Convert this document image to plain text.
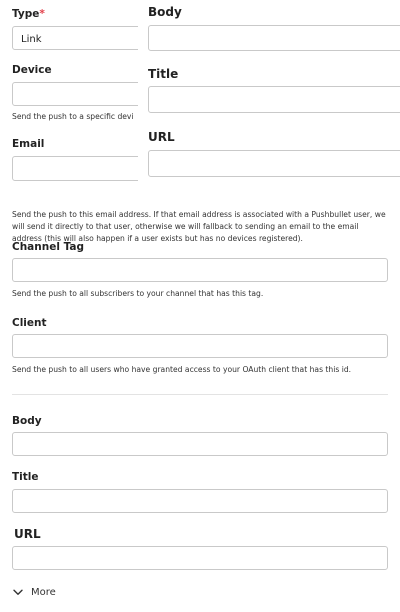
Type*
Link
Device
Send the push to a specific devi
Email
Send the push to this email address. If that email address is associated with a Pushbullet user, we
will send it directly to that user, otherwise we will fallback to sending an email to the email
address (this will also happen if a user exists but has no devices registered).
Channel Tag
Send the push to all subscribers to your channel that has this tag.
Client
Send the push to all users who have granted access to your OAuth client that has this id.
Body
Title
URL
More
Body
Title
URL
